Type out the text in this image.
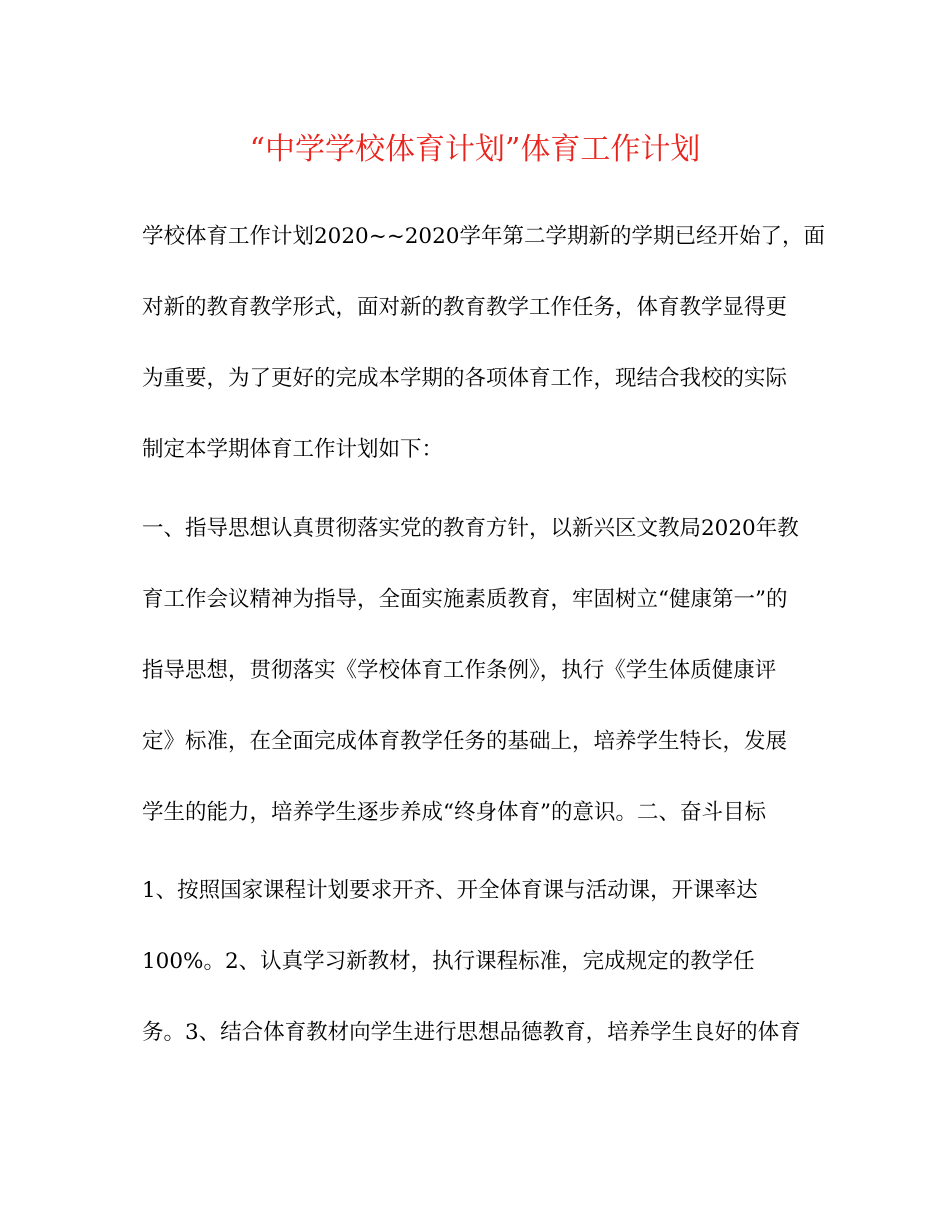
“中学学校体育计划”体育工作计划
学校体育工作计划2020~~2020学年第二学期新的学期已经开始了，面
对新的教育教学形式，面对新的教育教学工作任务，体育教学显得更
为重要，为了更好的完成本学期的各项体育工作，现结合我校的实际
制定本学期体育工作计划如下：
一、指导思想认真贯彻落实党的教育方针，以新兴区文教局2020年教
育工作会议精神为指导，全面实施素质教育，牢固树立“健康第一”的
指导思想，贯彻落实《学校体育工作条例》，执行《学生体质健康评
定》标准，在全面完成体育教学任务的基础上，培养学生特长，发展
学生的能力，培养学生逐步养成“终身体育”的意识。二、奋斗目标
1、按照国家课程计划要求开齐、开全体育课与活动课，开课率达
100%。2、认真学习新教材，执行课程标准，完成规定的教学任
务。3、结合体育教材向学生进行思想品德教育，培养学生良好的体育
